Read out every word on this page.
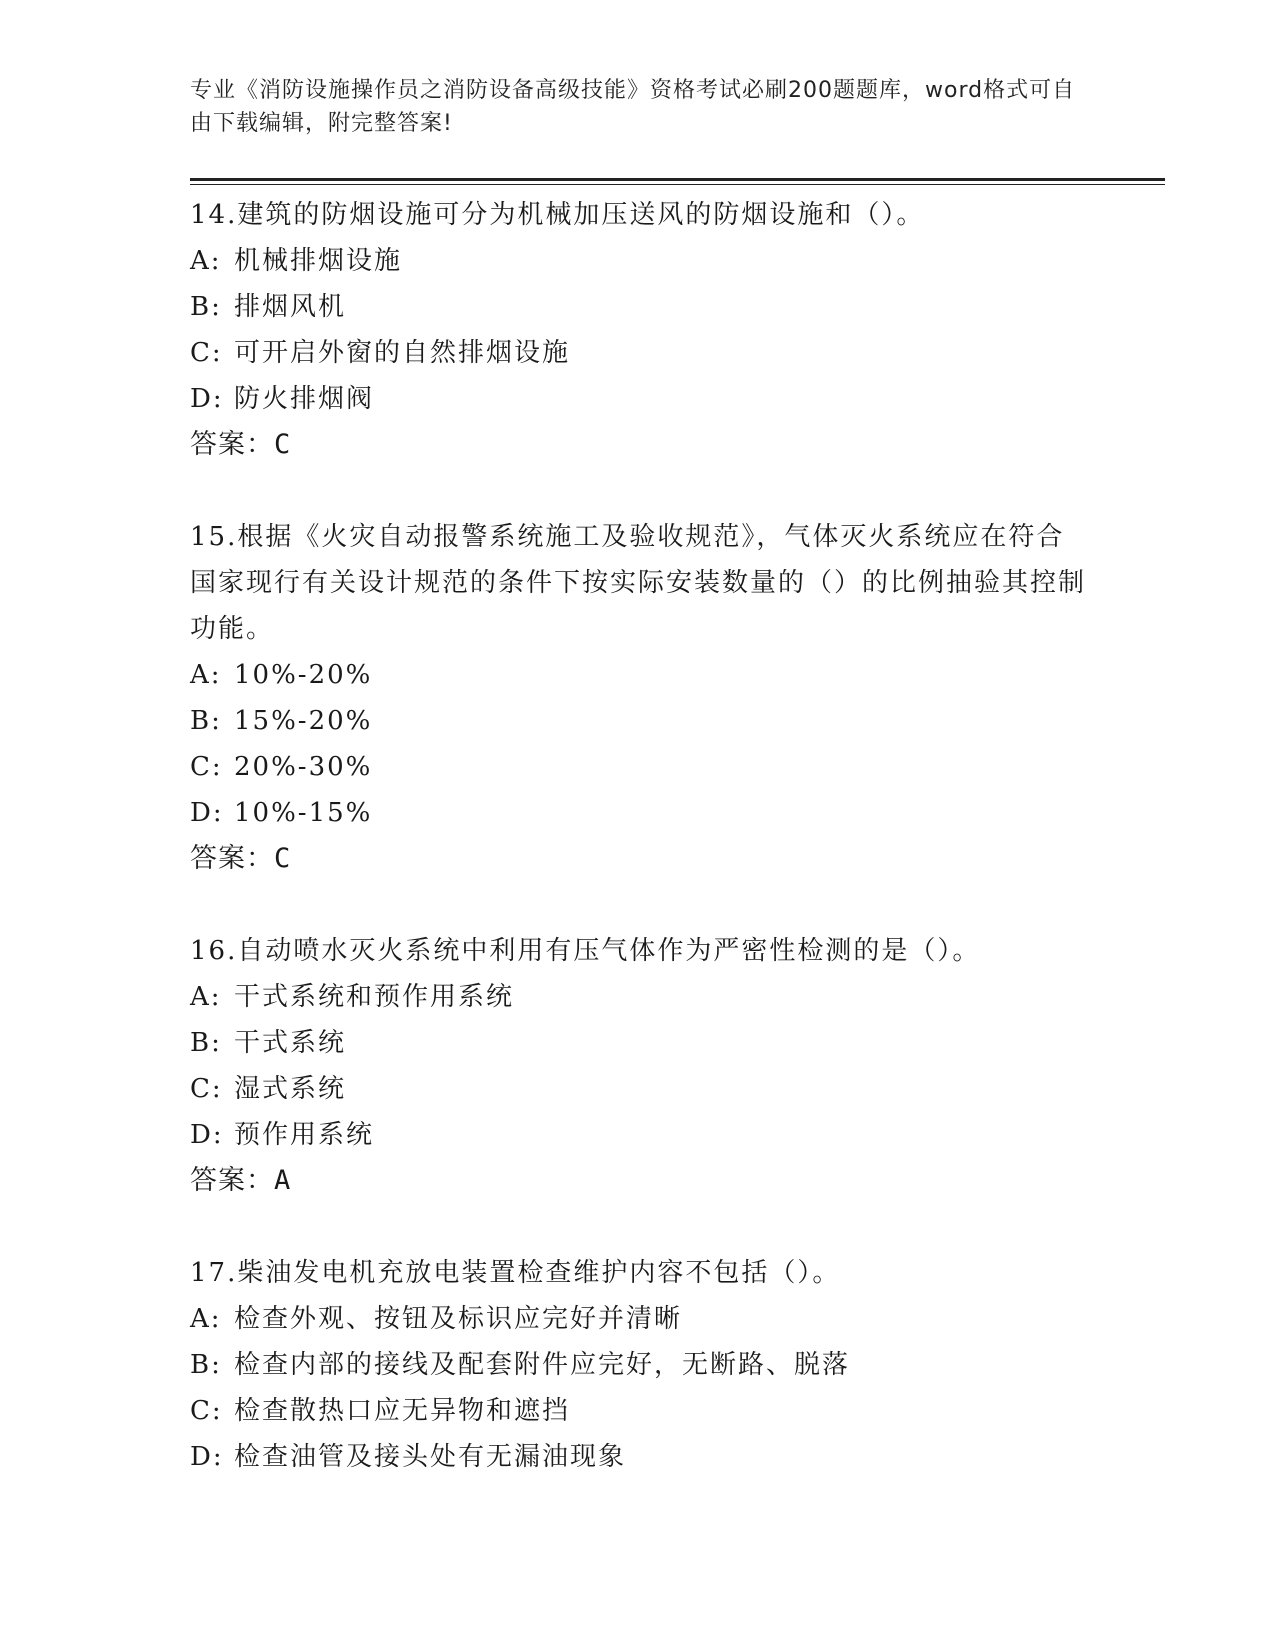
专业《消防设施操作员之消防设备高级技能》资格考试必刷200题题库，word格式可自由下载编辑，附完整答案!

14.建筑的防烟设施可分为机械加压送风的防烟设施和（）。

A: 机械排烟设施
B: 排烟风机
C: 可开启外窗的自然排烟设施
D: 防火排烟阀

答案：C

15.根据《火灾自动报警系统施工及验收规范》，气体灭火系统应在符合国家现行有关设计规范的条件下按实际安装数量的（）的比例抽验其控制功能。

A: 10%-20%
B: 15%-20%
C: 20%-30%
D: 10%-15%

答案：C

16.自动喷水灭火系统中利用有压气体作为严密性检测的是（）。

A: 干式系统和预作用系统
B: 干式系统
C: 湿式系统
D: 预作用系统

答案：A

17.柴油发电机充放电装置检查维护内容不包括（）。

A: 检查外观、按钮及标识应完好并清晰
B: 检查内部的接线及配套附件应完好，无断路、脱落
C: 检查散热口应无异物和遮挡
D: 检查油管及接头处有无漏油现象
